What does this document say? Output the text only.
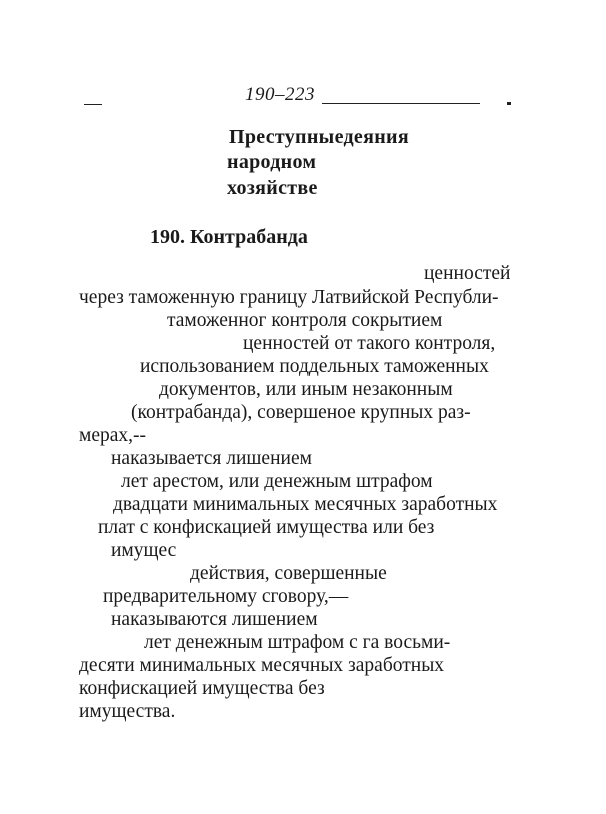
190–223
Преступныедеяния
народном
хозяйстве
190. Контрабанда
ценностей
через таможенную границу Латвийской Республи-
таможенног контроля сокрытием
ценностей от такого контроля,
использованием поддельных таможенных
документов, или иным незаконным
(контрабанда), совершеное крупных раз-
мерах,--
наказывается лишением
лет арестом, или денежным штрафом
двадцати минимальных месячных заработных
плат с конфискацией имущества или без
имущес
действия, совершенные
предварительному сговору,—
наказываются лишением
лет денежным штрафом с га восьми-
десяти минимальных месячных заработных
конфискацией имущества без
имущества.
